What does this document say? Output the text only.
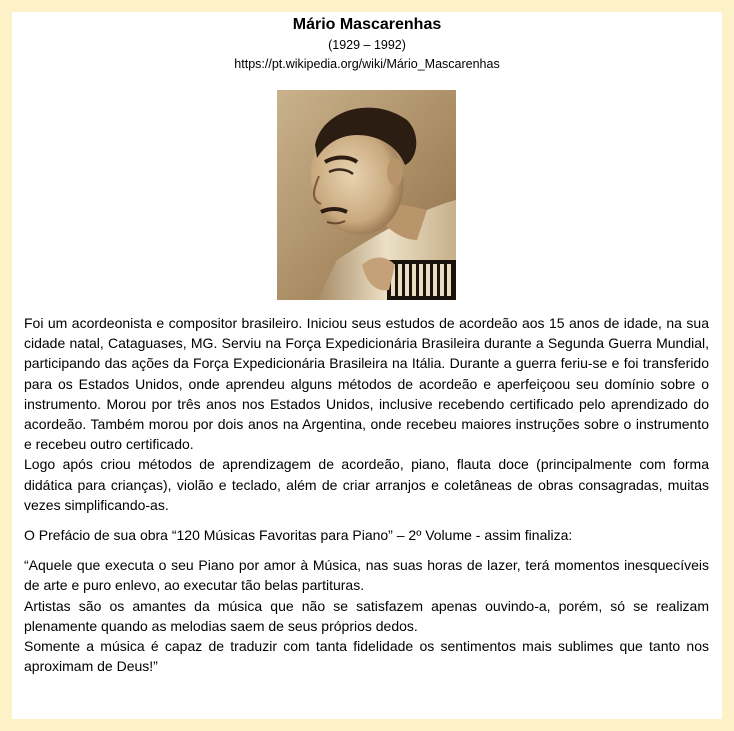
Mário Mascarenhas
(1929 – 1992)
https://pt.wikipedia.org/wiki/Mário_Mascarenhas

Foi um acordeonista e compositor brasileiro. Iniciou seus estudos de acordeão aos 15 anos de idade, na sua cidade natal, Cataguases, MG. Serviu na Força Expedicionária Brasileira durante a Segunda Guerra Mundial, participando das ações da Força Expedicionária Brasileira na Itália. Durante a guerra feriu-se e foi transferido para os Estados Unidos, onde aprendeu alguns métodos de acordeão e aperfeiçoou seu domínio sobre o instrumento. Morou por três anos nos Estados Unidos, inclusive recebendo certificado pelo aprendizado do acordeão. Também morou por dois anos na Argentina, onde recebeu maiores instruções sobre o instrumento e recebeu outro certificado.

Logo após criou métodos de aprendizagem de acordeão, piano, flauta doce (principalmente com forma didática para crianças), violão e teclado, além de criar arranjos e coletâneas de obras consagradas, muitas vezes simplificando-as.

O Prefácio de sua obra “120 Músicas Favoritas para Piano” – 2º Volume - assim finaliza:

“Aquele que executa o seu Piano por amor à Música, nas suas horas de lazer, terá momentos inesquecíveis de arte e puro enlevo, ao executar tão belas partituras.

Artistas são os amantes da música que não se satisfazem apenas ouvindo-a, porém, só se realizam plenamente quando as melodias saem de seus próprios dedos.

Somente a música é capaz de traduzir com tanta fidelidade os sentimentos mais sublimes que tanto nos aproximam de Deus!”
